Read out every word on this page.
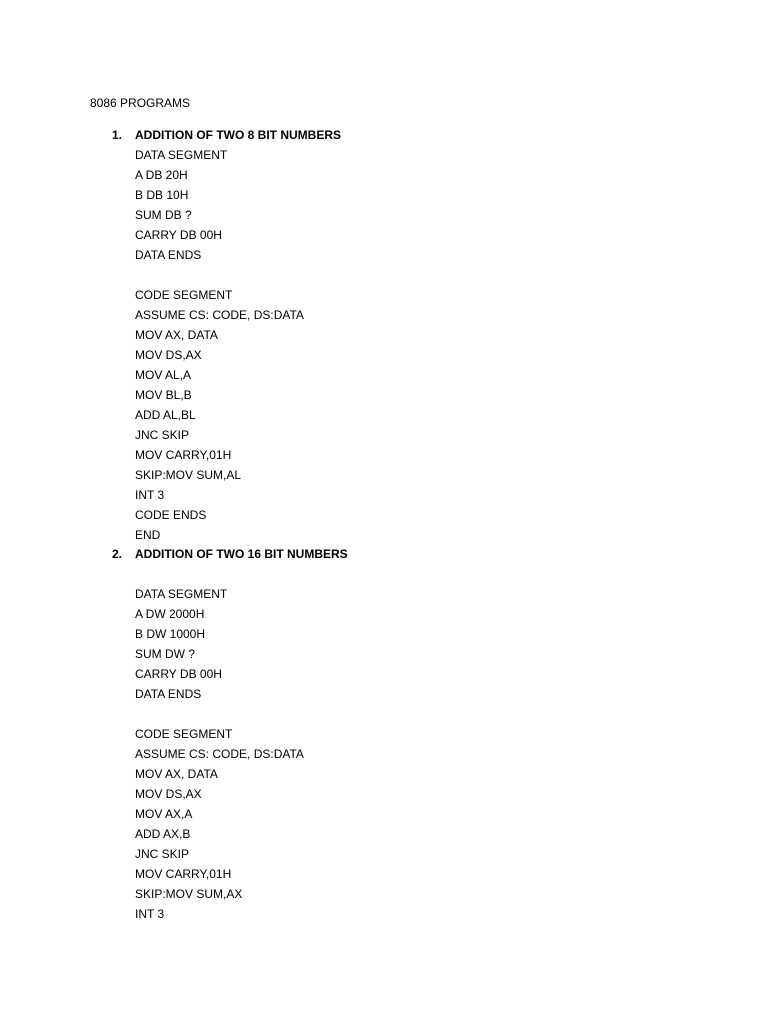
8086 PROGRAMS
1. ADDITION OF TWO 8 BIT NUMBERS
DATA SEGMENT
A DB 20H
B DB 10H
SUM DB ?
CARRY DB 00H
DATA ENDS
CODE SEGMENT
ASSUME CS: CODE, DS:DATA
MOV AX, DATA
MOV DS,AX
MOV AL,A
MOV BL,B
ADD AL,BL
JNC SKIP
MOV CARRY,01H
SKIP:MOV SUM,AL
INT 3
CODE ENDS
END
2. ADDITION OF TWO 16 BIT NUMBERS
DATA SEGMENT
A DW 2000H
B DW 1000H
SUM DW ?
CARRY DB 00H
DATA ENDS
CODE SEGMENT
ASSUME CS: CODE, DS:DATA
MOV AX, DATA
MOV DS,AX
MOV AX,A
ADD AX,B
JNC SKIP
MOV CARRY,01H
SKIP:MOV SUM,AX
INT 3
